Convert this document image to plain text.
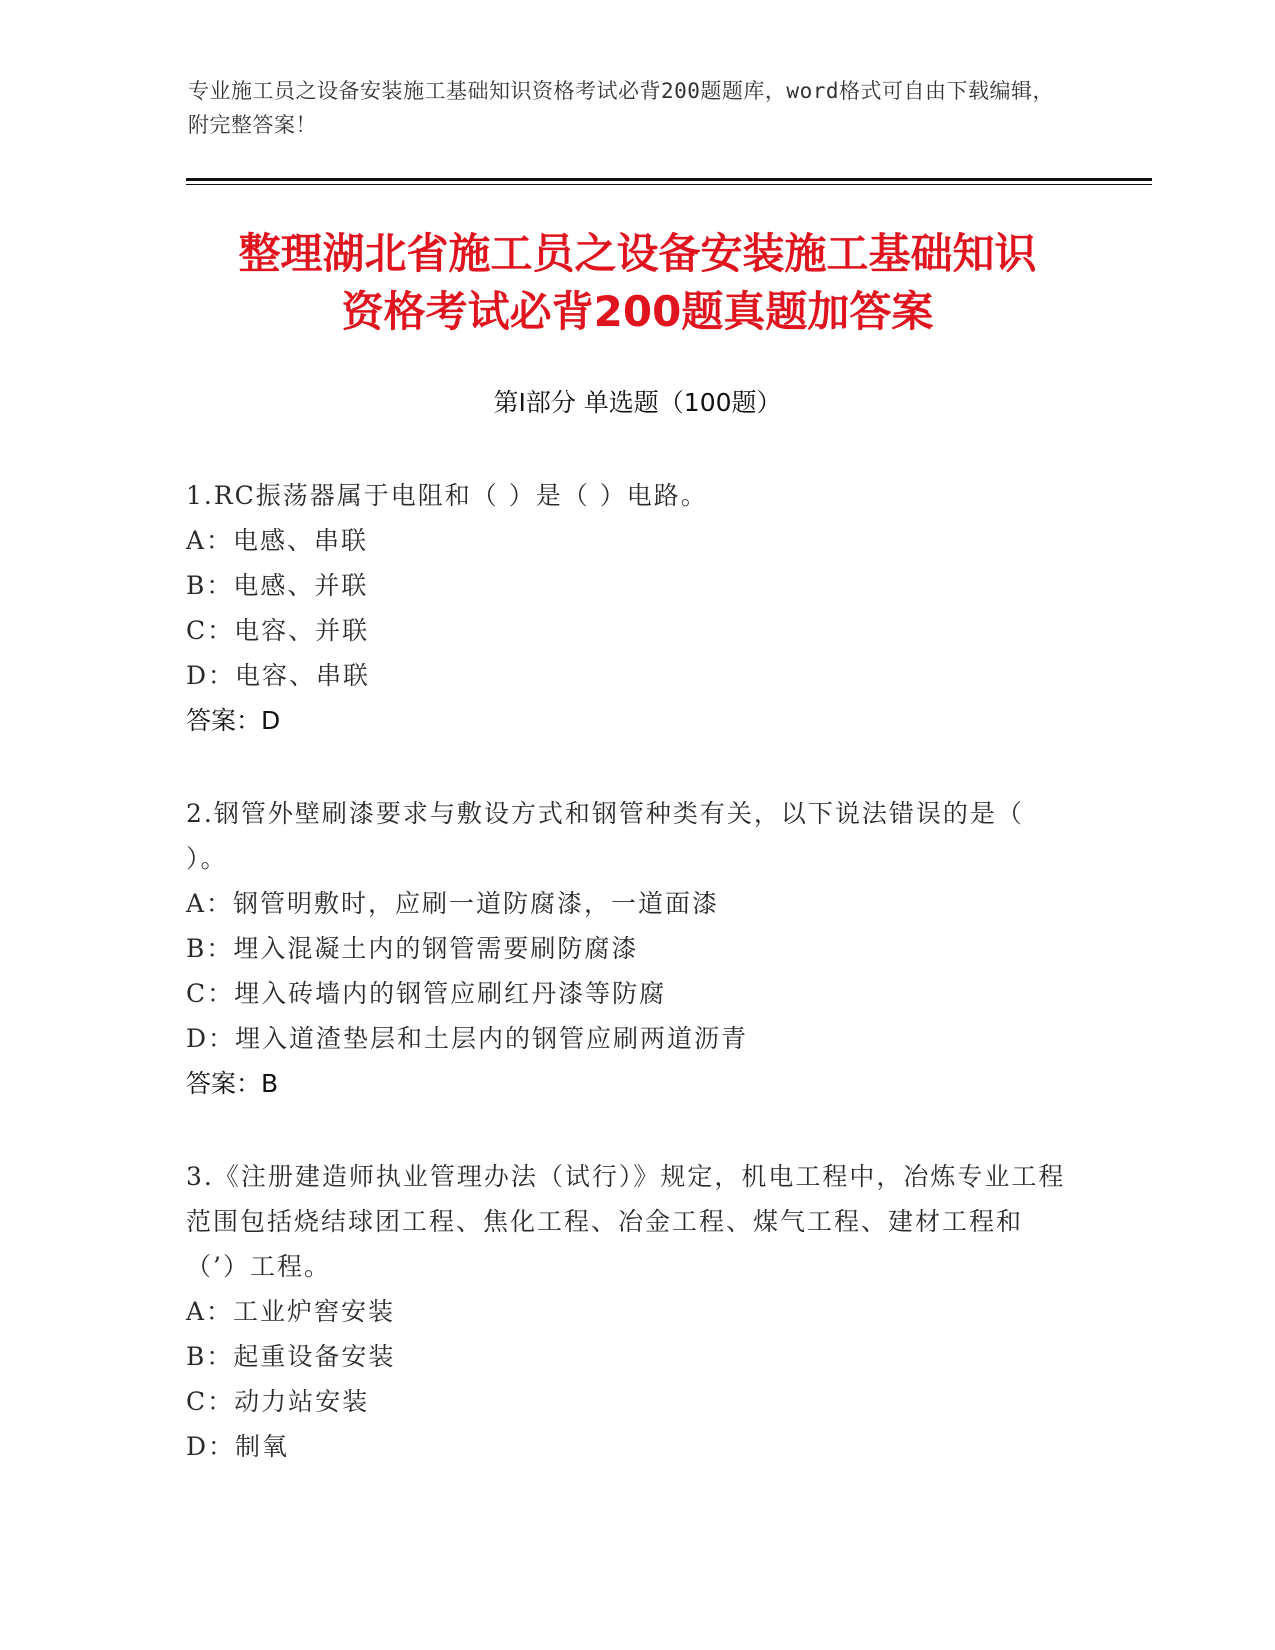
专业施工员之设备安装施工基础知识资格考试必背200题题库，word格式可自由下载编辑，附完整答案！
整理湖北省施工员之设备安装施工基础知识
资格考试必背200题真题加答案
第Ⅰ部分 单选题（100题）

1.RC振荡器属于电阻和（ ）是（ ）电路。

A：电感、串联

B：电感、并联

C：电容、并联

D：电容、串联

答案：D

2.钢管外壁刷漆要求与敷设方式和钢管种类有关，以下说法错误的是（ ）。

A：钢管明敷时，应刷一道防腐漆，一道面漆

B：埋入混凝土内的钢管需要刷防腐漆

C：埋入砖墙内的钢管应刷红丹漆等防腐

D：埋入道渣垫层和土层内的钢管应刷两道沥青

答案：B

3.《注册建造师执业管理办法（试行）》规定，机电工程中，冶炼专业工程范围包括烧结球团工程、焦化工程、冶金工程、煤气工程、建材工程和（’）工程。

A：工业炉窖安装

B：起重设备安装

C：动力站安装

D：制氧
